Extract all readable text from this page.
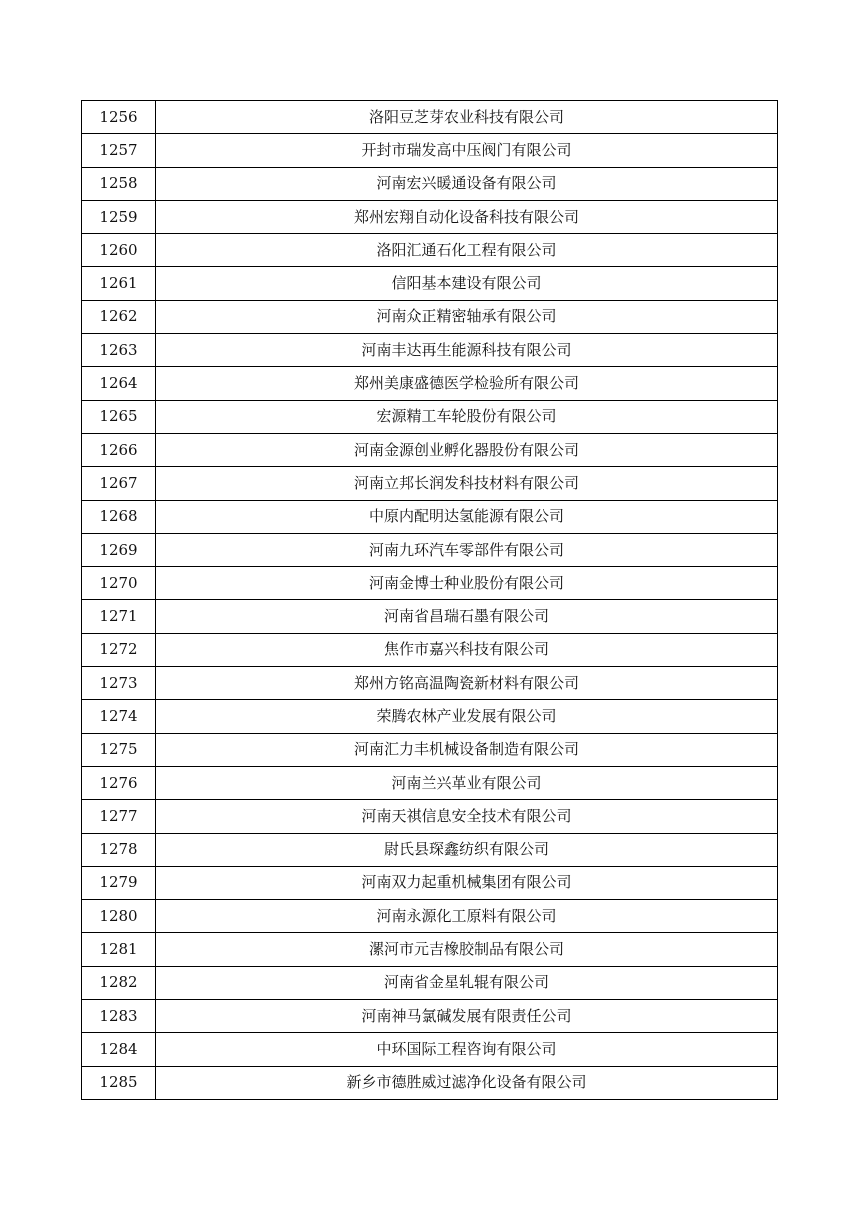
1256	洛阳豆芝芽农业科技有限公司
1257	开封市瑞发高中压阀门有限公司
1258	河南宏兴暖通设备有限公司
1259	郑州宏翔自动化设备科技有限公司
1260	洛阳汇通石化工程有限公司
1261	信阳基本建设有限公司
1262	河南众正精密轴承有限公司
1263	河南丰达再生能源科技有限公司
1264	郑州美康盛德医学检验所有限公司
1265	宏源精工车轮股份有限公司
1266	河南金源创业孵化器股份有限公司
1267	河南立邦长润发科技材料有限公司
1268	中原内配明达氢能源有限公司
1269	河南九环汽车零部件有限公司
1270	河南金博士种业股份有限公司
1271	河南省昌瑞石墨有限公司
1272	焦作市嘉兴科技有限公司
1273	郑州方铭高温陶瓷新材料有限公司
1274	荣腾农林产业发展有限公司
1275	河南汇力丰机械设备制造有限公司
1276	河南兰兴革业有限公司
1277	河南天祺信息安全技术有限公司
1278	尉氏县琛鑫纺织有限公司
1279	河南双力起重机械集团有限公司
1280	河南永源化工原料有限公司
1281	漯河市元吉橡胶制品有限公司
1282	河南省金星轧辊有限公司
1283	河南神马氯碱发展有限责任公司
1284	中环国际工程咨询有限公司
1285	新乡市德胜威过滤净化设备有限公司
